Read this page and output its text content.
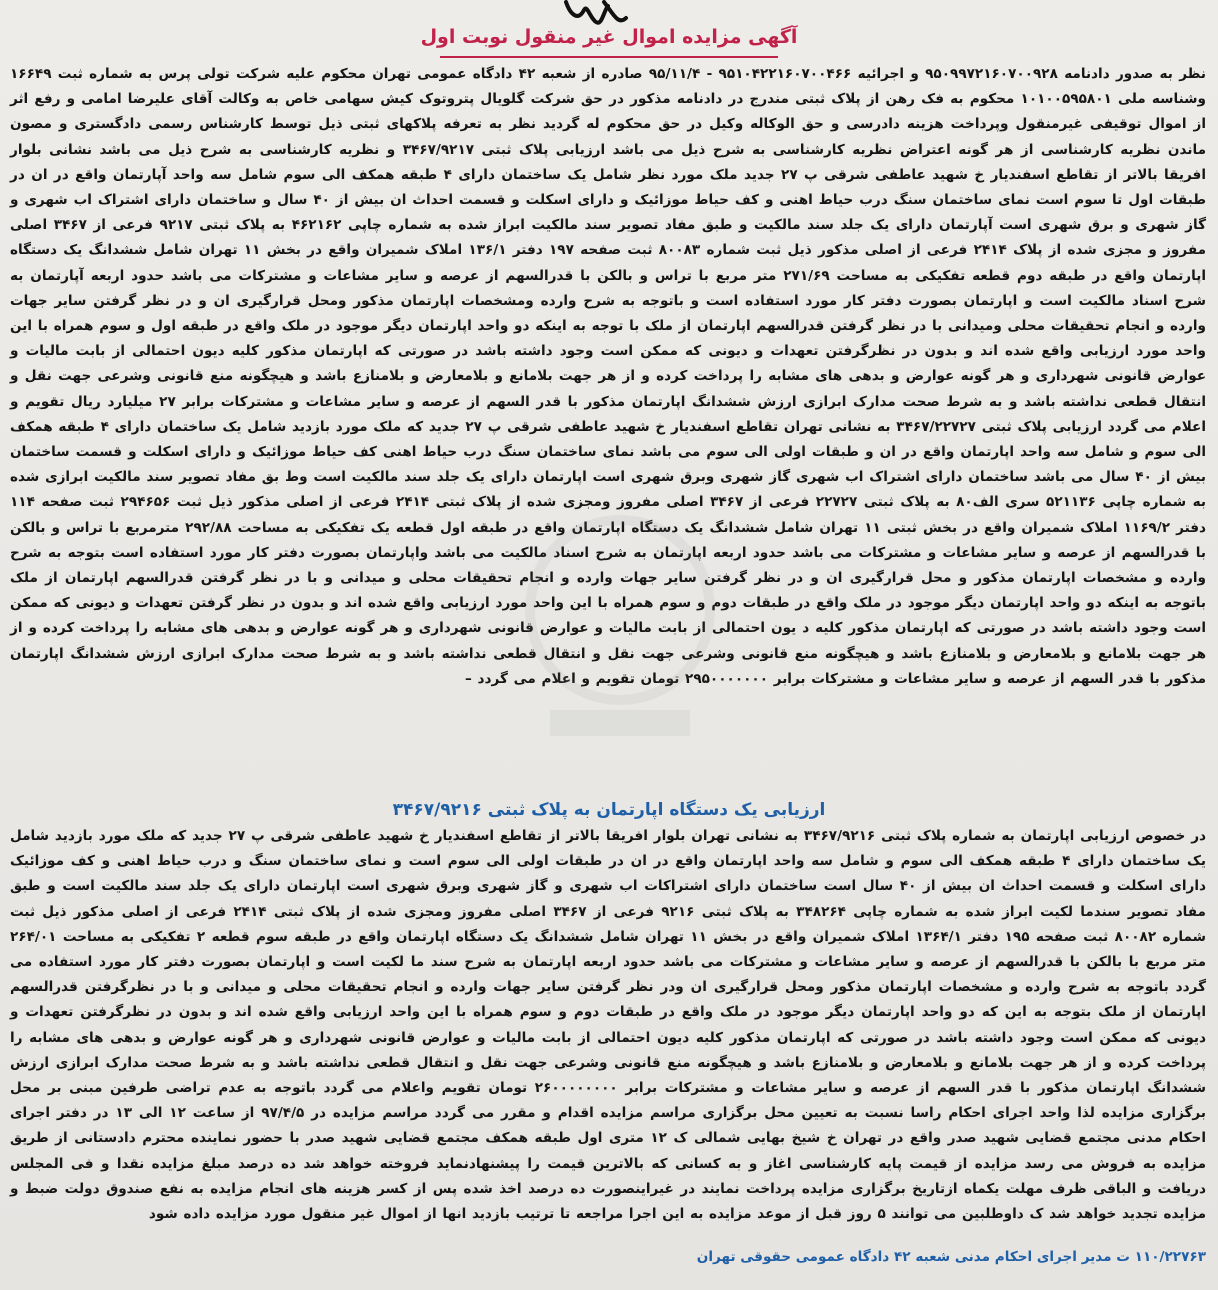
آگهی مزایده اموال غیر منقول نوبت اول
نظر به صدور دادنامه ۹۵۰۹۹۷۲۱۶۰۷۰۰۹۲۸ و اجرائیه ۹۵۱۰۴۲۲۱۶۰۷۰۰۴۶۶ - ۹۵/۱۱/۴ صادره از شعبه ۴۲ دادگاه عمومی تهران محکوم علیه شرکت تولی پرس به شماره ثبت ۱۶۶۴۹ وشناسه ملی ۱۰۱۰۰۵۹۵۸۰۱ محکوم به فک رهن از پلاک ثبتی مندرج در دادنامه مذکور در حق شرکت گلویال پتروتوک کیش سهامی خاص به وکالت آقای علیرضا امامی و رفع اثر از اموال توقیفی غیرمنقول وپرداخت هزینه دادرسی و حق الوکاله وکیل در حق محکوم له گردید نظر به تعرفه پلاکهای ثبتی ذیل توسط کارشناس رسمی دادگستری و مصون ماندن نظریه کارشناسی از هر گونه اعتراض نظریه کارشناسی به شرح ذیل می باشد ارزیابی پلاک ثبتی ۳۴۶۷/۹۲۱۷ و نظریه کارشناسی به شرح ذیل می باشد نشانی بلوار افریقا بالاتر از تقاطع اسفندیار خ شهید عاطفی شرقی پ ۲۷ جدید ملک مورد نظر شامل یک ساختمان دارای ۴ طبقه همکف الی سوم شامل سه واحد آپارتمان واقع در ان در طبقات اول تا سوم است نمای ساختمان سنگ درب حیاط اهنی و کف حیاط موزائیک و دارای اسکلت و قسمت احداث ان بیش از ۴۰ سال و ساختمان دارای اشتراک اب شهری و گاز شهری و برق شهری است آپارتمان دارای یک جلد سند مالکیت و طبق مفاد تصویر سند مالکیت ابراز شده به شماره چاپی ۴۶۲۱۶۲ به پلاک ثبتی ۹۲۱۷ فرعی از ۳۴۶۷ اصلی مفروز و مجزی شده از پلاک ۲۴۱۴ فرعی از اصلی مذکور ذیل ثبت شماره ۸۰۰۸۳ ثبت صفحه ۱۹۷ دفتر ۱۳۶/۱ املاک شمیران واقع در بخش ۱۱ تهران شامل ششدانگ یک دستگاه اپارتمان واقع در طبقه دوم قطعه تفکیکی به مساحت ۲۷۱/۶۹ متر مربع با تراس و بالکن با قدرالسهم از عرصه و سایر مشاعات و مشترکات می باشد حدود اربعه آپارتمان به شرح اسناد مالکیت است و اپارتمان بصورت دفتر کار مورد استفاده است و باتوجه به شرح وارده ومشخصات اپارتمان مذکور ومحل قرارگیری ان و در نظر گرفتن سایر جهات وارده و انجام تحقیقات محلی ومیدانی با در نظر گرفتن قدرالسهم اپارتمان از ملک با توجه به اینکه دو واحد اپارتمان دیگر موجود در ملک واقع در طبقه اول و سوم همراه با این واحد مورد ارزیابی واقع شده اند و بدون در نظرگرفتن تعهدات و دیونی که ممکن است وجود داشته باشد در صورتی که اپارتمان مذکور کلیه دیون احتمالی از بابت مالیات و عوارض قانونی شهرداری و هر گونه عوارض و بدهی های مشابه را پرداخت کرده و از هر جهت بلامانع و بلامعارض و بلامنازع باشد و هیچگونه منع قانونی وشرعی جهت نقل و انتقال قطعی نداشته باشد و به شرط صحت مدارک ابرازی ارزش ششدانگ اپارتمان مذکور با قدر السهم از عرصه و سایر مشاعات و مشترکات برابر ۲۷ میلیارد ریال تقویم و اعلام می گردد ارزیابی پلاک ثبتی ۳۴۶۷/۲۲۷۲۷ به نشانی تهران تقاطع اسفندیار خ شهید عاطفی شرقی پ ۲۷ جدید که ملک مورد بازدید شامل یک ساختمان دارای ۴ طبقه همکف الی سوم و شامل سه واحد اپارتمان واقع در ان و طبقات اولی الی سوم می باشد نمای ساختمان سنگ درب حیاط اهنی کف حیاط موزائیک و دارای اسکلت و قسمت ساختمان بیش از ۴۰ سال می باشد ساختمان دارای اشتراک اب شهری گاز شهری وبرق شهری است اپارتمان دارای یک جلد سند مالکیت است وط بق مفاد تصویر سند مالکیت ابرازی شده به شماره چاپی ۵۲۱۱۳۶ سری الف۸۰ به پلاک ثبتی ۲۲۷۲۷ فرعی از ۳۴۶۷ اصلی مفروز ومجزی شده از پلاک ثبتی ۲۴۱۴ فرعی از اصلی مذکور ذیل ثبت ۲۹۴۶۵۶ ثبت صفحه ۱۱۴ دفتر ۱۱۶۹/۲ املاک شمیران واقع در بخش ثبتی ۱۱ تهران شامل ششدانگ یک دستگاه اپارتمان واقع در طبقه اول قطعه یک تفکیکی به مساحت ۲۹۲/۸۸ مترمربع با تراس و بالکن با قدرالسهم از عرصه و سایر مشاعات و مشترکات می باشد حدود اربعه اپارتمان به شرح اسناد مالکیت می باشد واپارتمان بصورت دفتر کار مورد استفاده است بتوجه به شرح وارده و مشخصات اپارتمان مذکور و محل قرارگیری ان و در نظر گرفتن سایر جهات وارده و انجام تحقیقات محلی و میدانی و با در نظر گرفتن قدرالسهم اپارتمان از ملک باتوجه به اینکه دو واحد اپارتمان دیگر موجود در ملک واقع در طبقات دوم و سوم همراه با این واحد مورد ارزیابی واقع شده اند و بدون در نظر گرفتن تعهدات و دیونی که ممکن است وجود داشته باشد در صورتی که اپارتمان مذکور کلیه د یون احتمالی از بابت مالیات و عوارض قانونی شهرداری و هر گونه عوارض و بدهی های مشابه را پرداخت کرده و از هر جهت بلامانع و بلامعارض و بلامنازع باشد و هیچگونه منع قانونی وشرعی جهت نقل و انتقال قطعی نداشته باشد و به شرط صحت مدارک ابرازی ارزش ششدانگ اپارتمان مذکور با قدر السهم از عرصه و سایر مشاعات و مشترکات برابر ۲۹۵۰۰۰۰۰۰۰ تومان تقویم و اعلام می گردد –
ارزیابی یک دستگاه اپارتمان به پلاک ثبتی ۳۴۶۷/۹۲۱۶
در خصوص ارزیابی اپارتمان به شماره پلاک ثبتی ۳۴۶۷/۹۲۱۶ به نشانی تهران بلوار افریقا بالاتر از تقاطع اسفندیار خ شهید عاطفی شرقی پ ۲۷ جدید که ملک مورد بازدید شامل یک ساختمان دارای ۴ طبقه همکف الی سوم و شامل سه واحد اپارتمان واقع در ان در طبقات اولی الی سوم است و نمای ساختمان سنگ و درب حیاط اهنی و کف موزائیک دارای اسکلت و قسمت احداث ان بیش از ۴۰ سال است ساختمان دارای اشتراکات اب شهری و گاز شهری وبرق شهری است اپارتمان دارای یک جلد سند مالکیت است و طبق مفاد تصویر سندما لکیت ابراز شده به شماره چاپی ۳۴۸۲۶۴ به پلاک ثبتی ۹۲۱۶ فرعی از ۳۴۶۷ اصلی مفروز ومجزی شده از پلاک ثبتی ۲۴۱۴ فرعی از اصلی مذکور ذیل ثبت شماره ۸۰۰۸۲ ثبت صفحه ۱۹۵ دفتر ۱۳۶۴/۱ املاک شمیران واقع در بخش ۱۱ تهران شامل ششدانگ یک دستگاه اپارتمان واقع در طبقه سوم قطعه ۲ تفکیکی به مساحت ۲۶۴/۰۱ متر مربع با بالکن با قدرالسهم از عرصه و سایر مشاعات و مشترکات می باشد حدود اربعه اپارتمان به شرح سند ما لکیت است و اپارتمان بصورت دفتر کار مورد استفاده می گردد باتوجه به شرح وارده و مشخصات اپارتمان مذکور ومحل قرارگیری ان ودر نظر گرفتن سایر جهات وارده و انجام تحقیقات محلی و میدانی و با در نظرگرفتن قدرالسهم اپارتمان از ملک بتوجه به این که دو واحد اپارتمان دیگر موجود در ملک واقع در طبقات دوم و سوم همراه با این واحد ارزیابی واقع شده اند و بدون در نظرگرفتن تعهدات و دیونی که ممکن است وجود داشته باشد در صورتی که اپارتمان مذکور کلیه دیون احتمالی از بابت مالیات و عوارض قانونی شهرداری و هر گونه عوارض و بدهی های مشابه را پرداخت کرده و از هر جهت بلامانع و بلامعارض و بلامنازع باشد و هیچگونه منع قانونی وشرعی جهت نقل و انتقال قطعی نداشته باشد و به شرط صحت مدارک ابرازی ارزش ششدانگ اپارتمان مذکور با قدر السهم از عرصه و سایر مشاعات و مشترکات برابر ۲۶۰۰۰۰۰۰۰۰ تومان تقویم واعلام می گردد باتوجه به عدم تراضی طرفین مبنی بر محل برگزاری مزایده لذا واحد اجرای احکام راسا نسبت به تعیین محل برگزاری مراسم مزایده اقدام و مقرر می گردد مراسم مزایده در ۹۷/۴/۵ از ساعت ۱۲ الی ۱۳ در دفتر اجرای احکام مدنی مجتمع قضایی شهید صدر واقع در تهران خ شیخ بهایی شمالی ک ۱۲ متری اول طبقه همکف مجتمع قضایی شهید صدر با حضور نماینده محترم دادستانی از طریق مزایده به فروش می رسد مزایده از قیمت پایه کارشناسی اغاز و به کسانی که بالاترین قیمت را پیشنهادنماید فروخته خواهد شد ده درصد مبلغ مزایده نقدا و فی المجلس دریافت و الباقی ظرف مهلت یکماه ازتاریخ برگزاری مزایده پرداخت نمایند در غیراینصورت ده درصد اخذ شده پس از کسر هزینه های انجام مزایده به نفع صندوق دولت ضبط و مزایده تجدید خواهد شد ک داوطلبین می توانند ۵ روز قبل از موعد مزایده به این اجرا مراجعه تا ترتیب بازدید انها از اموال غیر منقول مورد مزایده داده شود
۱۱۰/۲۲۷۶۳ ت مدیر اجرای احکام مدنی شعبه ۴۲ دادگاه عمومی حقوقی تهران
